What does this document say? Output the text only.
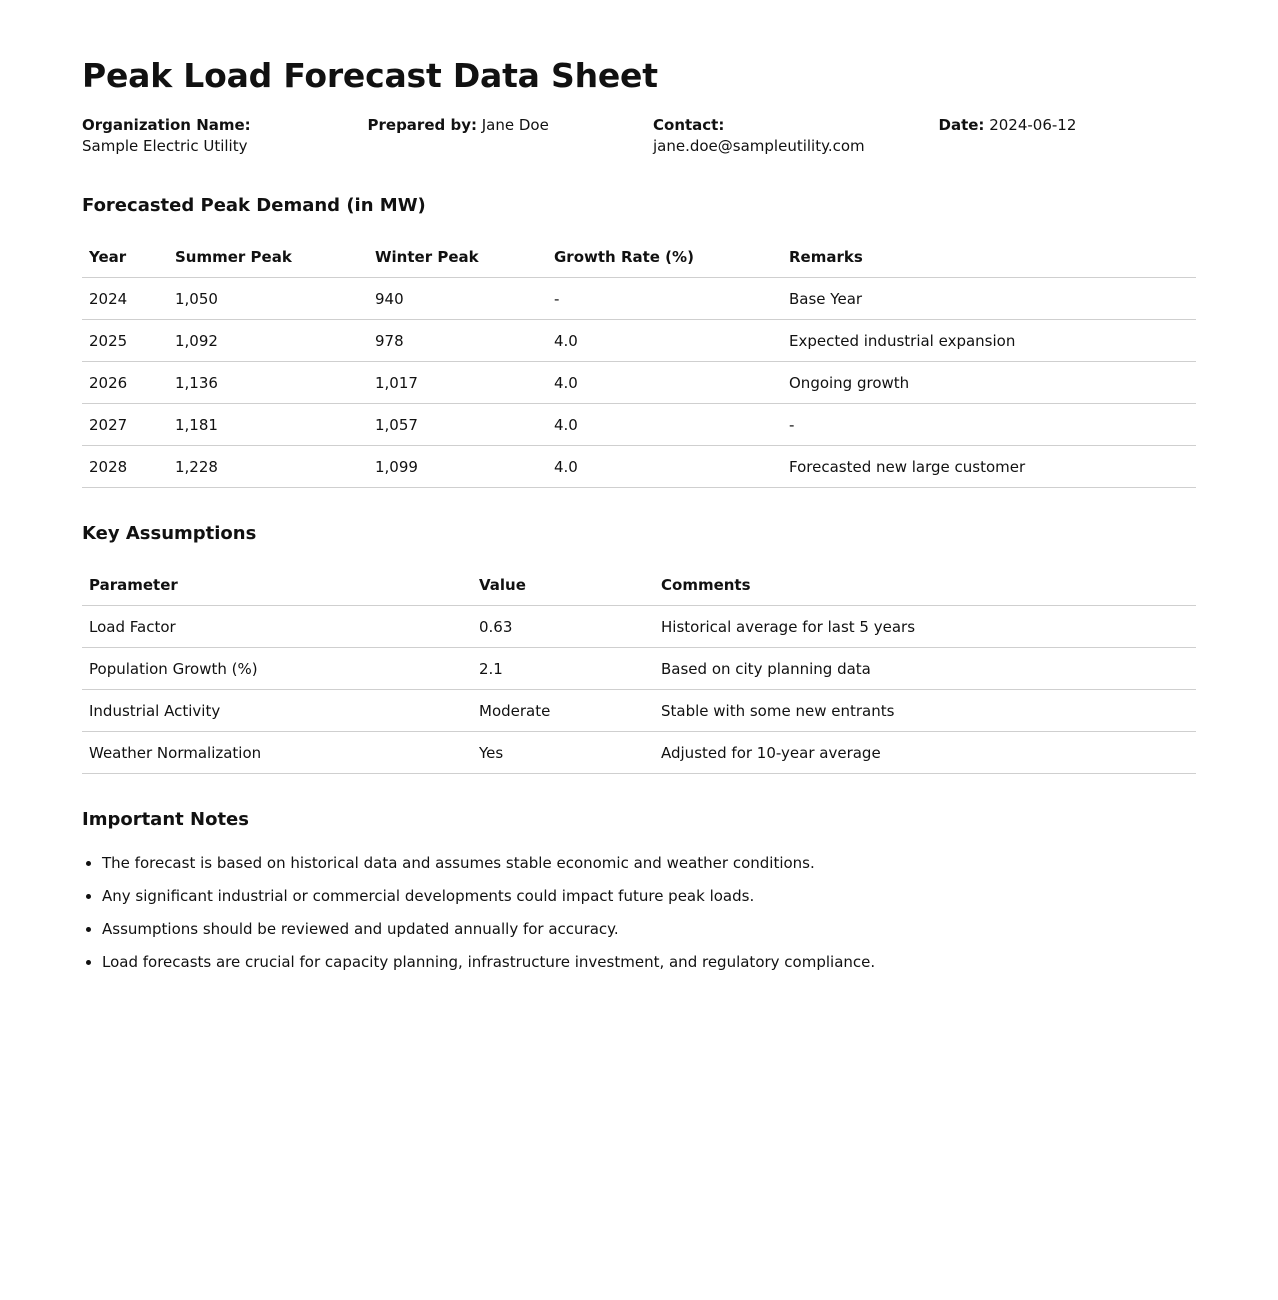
Peak Load Forecast Data Sheet
Organization Name: Sample Electric Utility
Prepared by: Jane Doe	Contact: jane.doe@sampleutility.com
Date: 2024-06-12
Forecasted Peak Demand (in MW)
Year	Summer Peak	Winter Peak	Growth Rate (%)	Remarks
2024	1,050	940	-	Base Year
2025	1,092	978	4.0	Expected industrial expansion
2026	1,136	1,017	4.0	Ongoing growth
2027	1,181	1,057	4.0	-
2028	1,228	1,099	4.0	Forecasted new large customer
Key Assumptions
Parameter	Value	Comments
Load Factor	0.63	Historical average for last 5 years
Population Growth (%)	2.1	Based on city planning data
Industrial Activity	Moderate	Stable with some new entrants
Weather Normalization	Yes	Adjusted for 10-year average
Important Notes
• The forecast is based on historical data and assumes stable economic and weather conditions.
• Any significant industrial or commercial developments could impact future peak loads.
• Assumptions should be reviewed and updated annually for accuracy.
• Load forecasts are crucial for capacity planning, infrastructure investment, and regulatory compliance.
